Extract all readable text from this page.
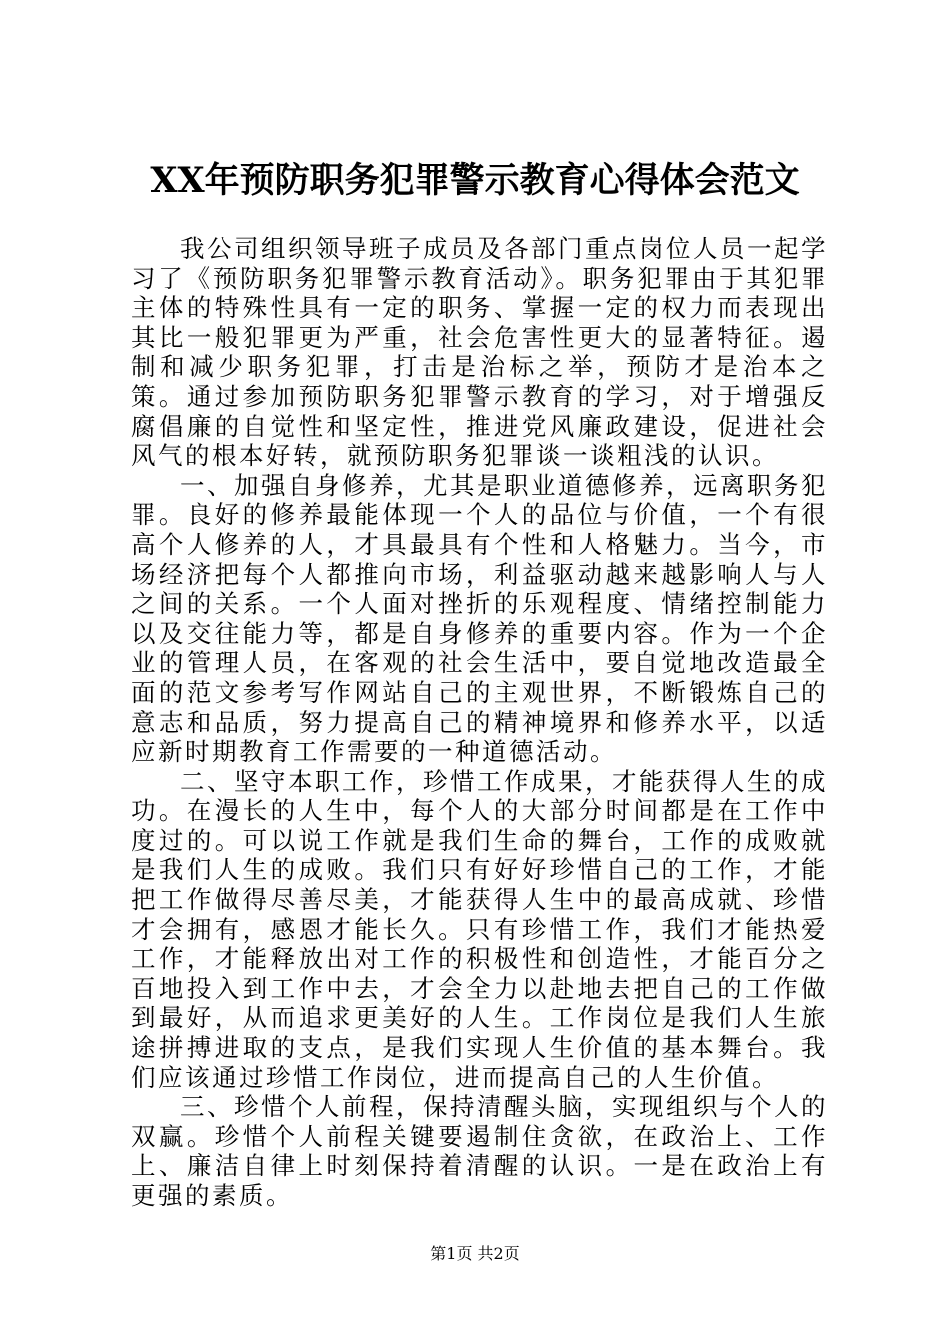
XX年预防职务犯罪警示教育心得体会范文

我公司组织领导班子成员及各部门重点岗位人员一起学习了《预防职务犯罪警示教育活动》。职务犯罪由于其犯罪主体的特殊性具有一定的职务、掌握一定的权力而表现出其比一般犯罪更为严重，社会危害性更大的显著特征。遏制和减少职务犯罪，打击是治标之举，预防才是治本之策。通过参加预防职务犯罪警示教育的学习，对于增强反腐倡廉的自觉性和坚定性，推进党风廉政建设，促进社会风气的根本好转，就预防职务犯罪谈一谈粗浅的认识。

一、加强自身修养，尤其是职业道德修养，远离职务犯罪。良好的修养最能体现一个人的品位与价值，一个有很高个人修养的人，才具最具有个性和人格魅力。当今，市场经济把每个人都推向市场，利益驱动越来越影响人与人之间的关系。一个人面对挫折的乐观程度、情绪控制能力以及交往能力等，都是自身修养的重要内容。作为一个企业的管理人员，在客观的社会生活中，要自觉地改造最全面的范文参考写作网站自己的主观世界，不断锻炼自己的意志和品质，努力提高自己的精神境界和修养水平，以适应新时期教育工作需要的一种道德活动。

二、坚守本职工作，珍惜工作成果，才能获得人生的成功。在漫长的人生中，每个人的大部分时间都是在工作中度过的。可以说工作就是我们生命的舞台，工作的成败就是我们人生的成败。我们只有好好珍惜自己的工作，才能把工作做得尽善尽美，才能获得人生中的最高成就、珍惜才会拥有，感恩才能长久。只有珍惜工作，我们才能热爱工作，才能释放出对工作的积极性和创造性，才能百分之百地投入到工作中去，才会全力以赴地去把自己的工作做到最好，从而追求更美好的人生。工作岗位是我们人生旅途拼搏进取的支点，是我们实现人生价值的基本舞台。我们应该通过珍惜工作岗位，进而提高自己的人生价值。

三、珍惜个人前程，保持清醒头脑，实现组织与个人的双赢。珍惜个人前程关键要遏制住贪欲，在政治上、工作上、廉洁自律上时刻保持着清醒的认识。一是在政治上有更强的素质。

第1页 共2页
